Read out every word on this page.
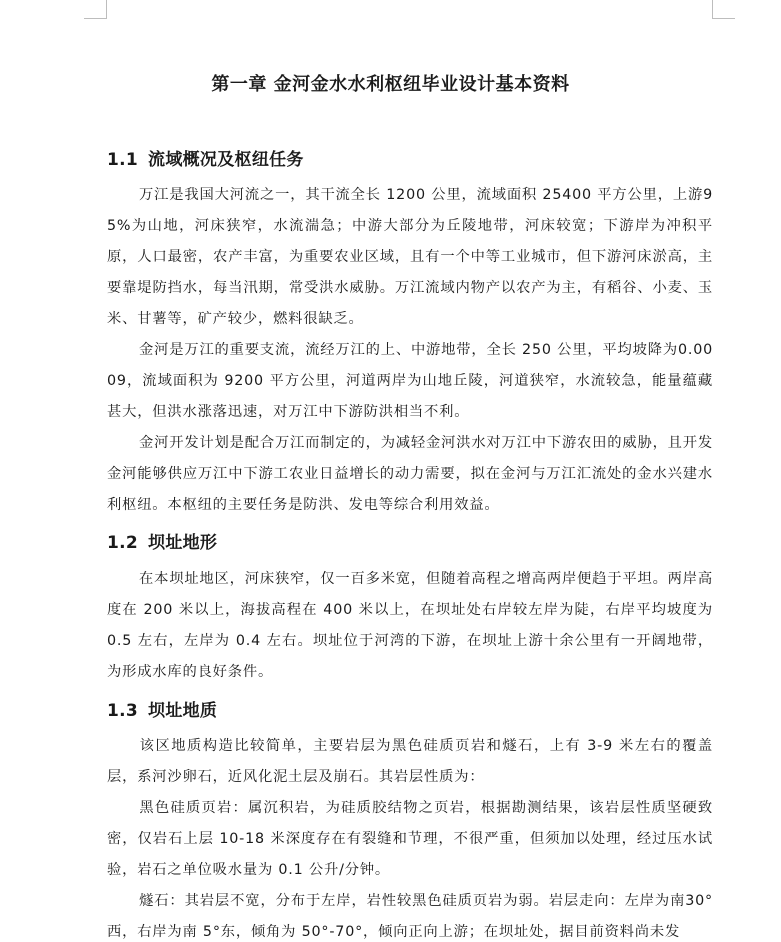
第一章 金河金水水利枢纽毕业设计基本资料
1.1 流域概况及枢纽任务
万江是我国大河流之一，其干流全长 1200 公里，流域面积 25400 平方公里，上游95%为山地，河床狭窄，水流湍急；中游大部分为丘陵地带，河床较宽；下游岸为冲积平原，人口最密，农产丰富，为重要农业区域，且有一个中等工业城市，但下游河床淤高，主要靠堤防挡水，每当汛期，常受洪水威胁。万江流域内物产以农产为主，有稻谷、小麦、玉米、甘薯等，矿产较少，燃料很缺乏。
金河是万江的重要支流，流经万江的上、中游地带，全长 250 公里，平均坡降为0.0009，流域面积为 9200 平方公里，河道两岸为山地丘陵，河道狭窄，水流较急，能量蕴藏甚大，但洪水涨落迅速，对万江中下游防洪相当不利。
金河开发计划是配合万江而制定的，为减轻金河洪水对万江中下游农田的威胁，且开发金河能够供应万江中下游工农业日益增长的动力需要，拟在金河与万江汇流处的金水兴建水利枢纽。本枢纽的主要任务是防洪、发电等综合利用效益。
1.2 坝址地形
在本坝址地区，河床狭窄，仅一百多米宽，但随着高程之增高两岸便趋于平坦。两岸高度在 200 米以上，海拔高程在 400 米以上，在坝址处右岸较左岸为陡，右岸平均坡度为 0.5 左右，左岸为 0.4 左右。坝址位于河湾的下游，在坝址上游十余公里有一开阔地带，为形成水库的良好条件。
1.3 坝址地质
该区地质构造比较简单，主要岩层为黑色硅质页岩和燧石，上有 3-9 米左右的覆盖层，系河沙卵石，近风化泥土层及崩石。其岩层性质为：
黑色硅质页岩：属沉积岩，为硅质胶结物之页岩，根据勘测结果，该岩层性质坚硬致密，仅岩石上层 10-18 米深度存在有裂缝和节理，不很严重，但须加以处理，经过压水试验，岩石之单位吸水量为 0.1 公升/分钟。
燧石：其岩层不宽，分布于左岸，岩性较黑色硅质页岩为弱。岩层走向：左岸为南30°西，右岸为南 5°东，倾角为 50°-70°，倾向正向上游；在坝址处，据目前资料尚未发
